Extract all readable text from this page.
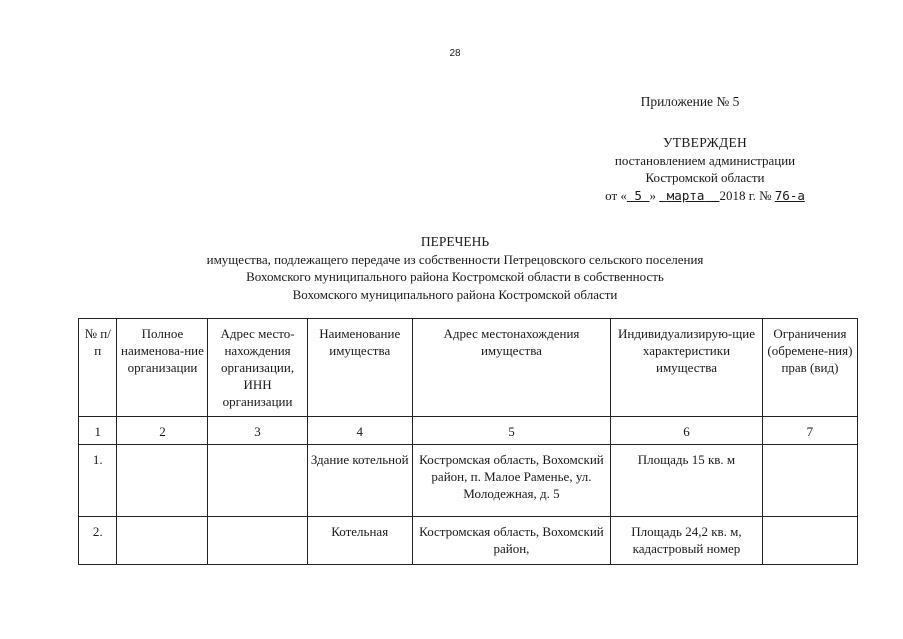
28
Приложение № 5
УТВЕРЖДЕН
постановлением администрации
Костромской области
от « 5 » марта 2018 г. № 76-а
ПЕРЕЧЕНЬ
имущества, подлежащего передаче из собственности Петрецовского сельского поселения
Вохомского муниципального района Костромской области в собственность
Вохомского муниципального района Костромской области
№ п/п	Полное наименова-ние организации	Адрес место-нахождения организации, ИНН организации	Наименование имущества	Адрес местонахождения имущества	Индивидуализирую-щие характеристики имущества	Ограничения (обремене-ния) прав (вид)
1	2	3	4	5	6	7
1.			Здание котельной	Костромская область, Вохомский район, п. Малое Раменье, ул. Молодежная, д. 5	Площадь 15 кв. м	
2.			Котельная	Костромская область, Вохомский район,	Площадь 24,2 кв. м, кадастровый номер	
